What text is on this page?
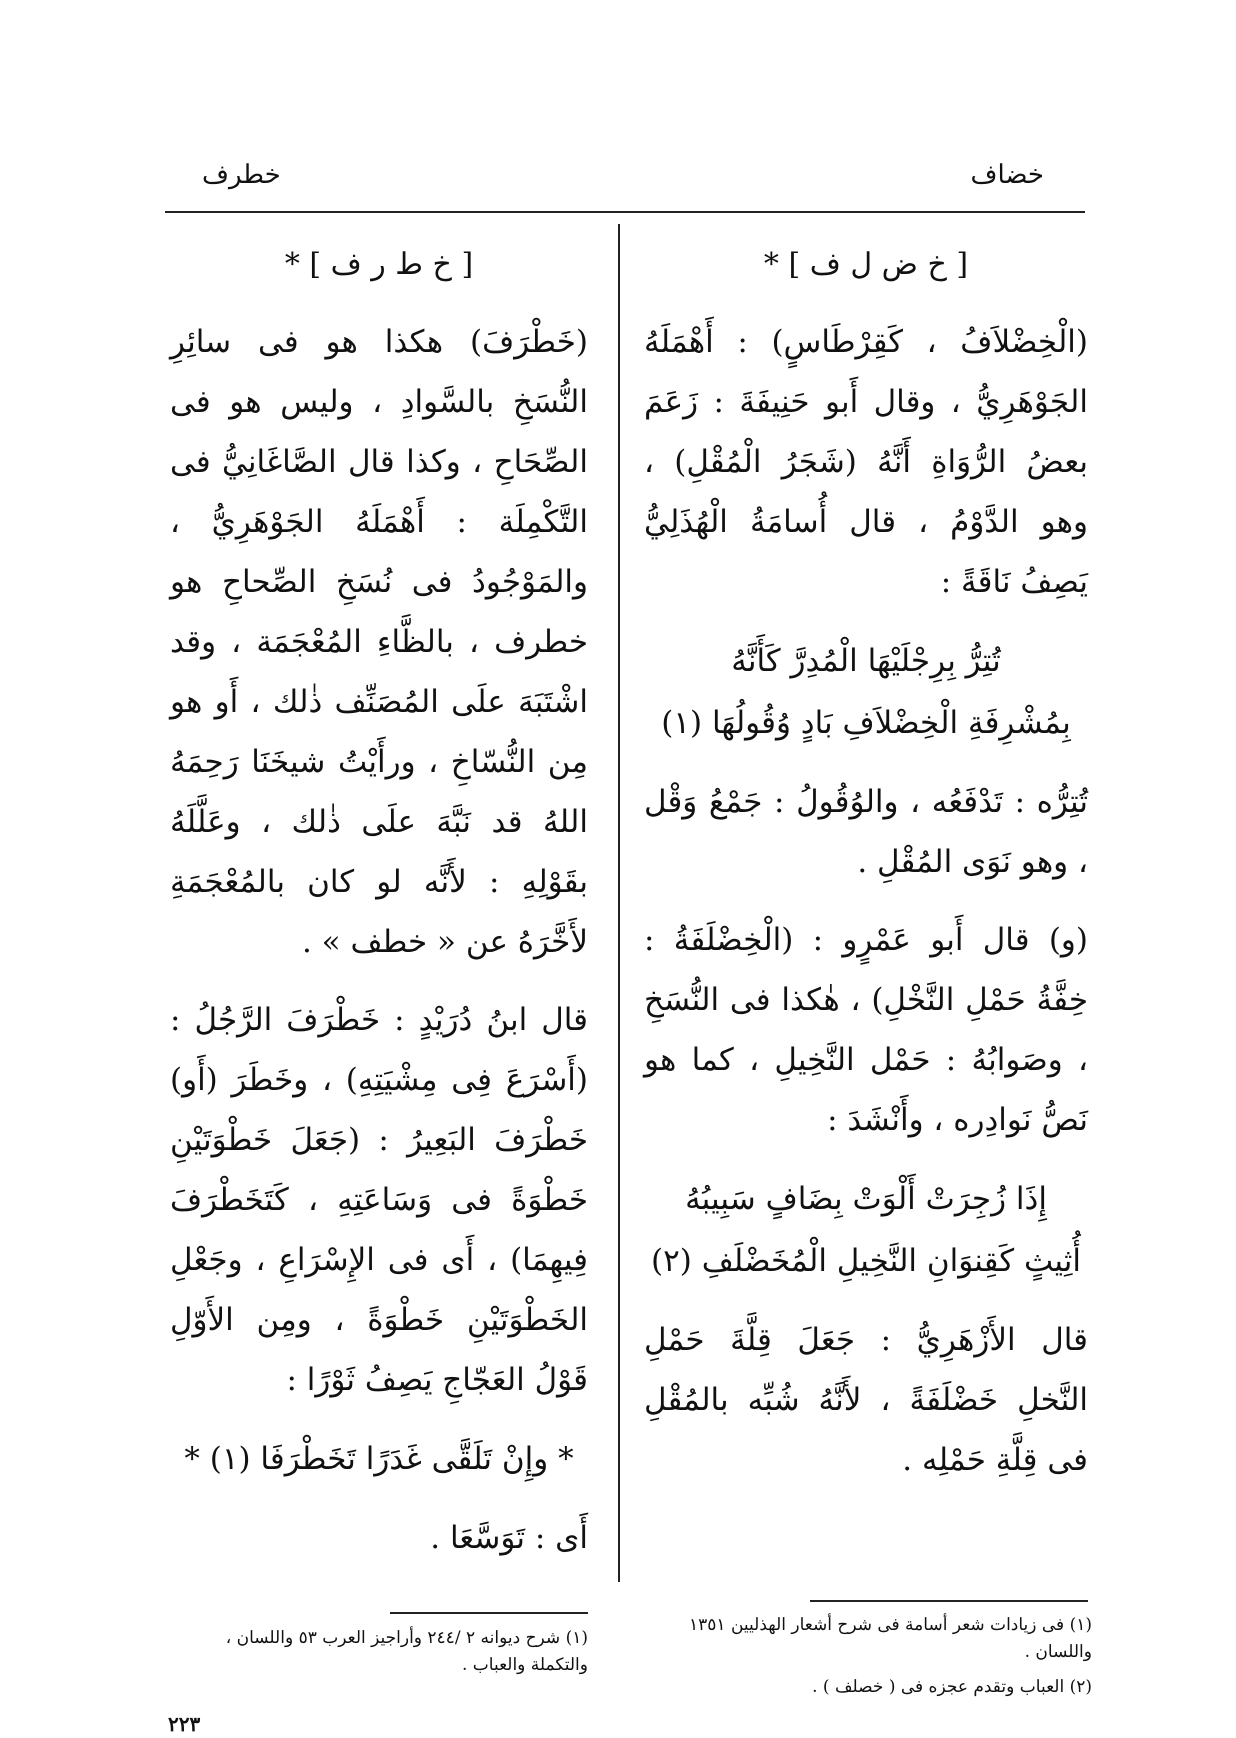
خضاف
خطرف
[ خ ض ل ف ] *

(الْخِضْلاَفُ ، كَقِرْطَاسٍ) : أَهْمَلَهُ الجَوْهَرِيُّ ، وقال أَبو حَنِيفَةَ : زَعَمَ بعضُ الرُّوَاةِ أَنَّهُ (شَجَرُ الْمُقْلِ) ، وهو الدَّوْمُ ، قال أُسامَةُ الْهُذَلِيُّ يَصِفُ نَاقَةً :

تُتِرُّ بِرِجْلَيْهَا الْمُدِرَّ كَأَنَّهُ

بِمُشْرِفَةِ الْخِضْلاَفِ بَادٍ وُقُولُهَا (١)

تُتِرُّه : تَدْفَعُه ، والوُقُولُ : جَمْعُ وَقْل ، وهو نَوَى المُقْلِ .

(و) قال أَبو عَمْرٍو : (الْخِضْلَفَةُ : خِفَّةُ حَمْلِ النَّخْلِ) ، هٰكذا فى النُّسَخِ ، وصَوابُهُ : حَمْل النَّخِيلِ ، كما هو نَصُّ نَوادِره ، وأَنْشَدَ :

إِذَا زُجِرَتْ أَلْوَتْ بِضَافٍ سَبِيبُهُ

أُثِيثٍ كَقِنوَانِ النَّخِيلِ الْمُخَضْلَفِ (٢)

قال الأَزْهَرِيُّ : جَعَلَ قِلَّةَ حَمْلِ النَّخلِ خَضْلَفَةً ، لأَنَّهُ شُبِّه بالمُقْلِ فى قِلَّةِ حَمْلِه .

[ خ ط ر ف ] *

(خَطْرَفَ) هكذا هو فى سائِرِ النُّسَخِ بالسَّوادِ ، وليس هو فى الصِّحَاحِ ، وكذا قال الصَّاغَانِيُّ فى التَّكْمِلَة : أَهْمَلَهُ الجَوْهَرِيُّ ، والمَوْجُودُ فى نُسَخِ الصِّحاحِ هو خطرف ، بالظَّاءِ المُعْجَمَة ، وقد اشْتَبَهَ علَى المُصَنِّف ذٰلك ، أَو هو مِن النُّسّاخِ ، ورأَيْتُ شيخَنَا رَحِمَهُ اللهُ قد نَبَّهَ علَى ذٰلك ، وعَلَّلَهُ بقَوْلِهِ : لأَنَّه لو كان بالمُعْجَمَةِ لأَخَّرَهُ عن « خطف » .

قال ابنُ دُرَيْدٍ : خَطْرَفَ الرَّجُلُ : (أَسْرَعَ فِى مِشْيَتِهِ) ، وخَطَرَ (أَو) خَطْرَفَ البَعِيرُ : (جَعَلَ خَطْوَتَيْنِ خَطْوَةً فى وَسَاعَتِهِ ، كَتَخَطْرَفَ فِيهِمَا) ، أَى فى الإِسْرَاعِ ، وجَعْلِ الخَطْوَتَيْنِ خَطْوَةً ، ومِن الأَوّلِ قَوْلُ العَجّاجِ يَصِفُ ثَوْرًا :

* وإِنْ تَلَقَّى غَدَرًا تَخَطْرَفَا (١) *

أَى : تَوَسَّعَا .

(١) فى زيادات شعر أسامة فى شرح أشعار الهذليين ١٣٥١ واللسان .

(٢) العباب وتقدم عجزه فى ( خصلف ) .

(١) شرح ديوانه ٢ /٢٤٤ وأراجيز العرب ٥٣ واللسان ، والتكملة والعباب .

٢٢٣
